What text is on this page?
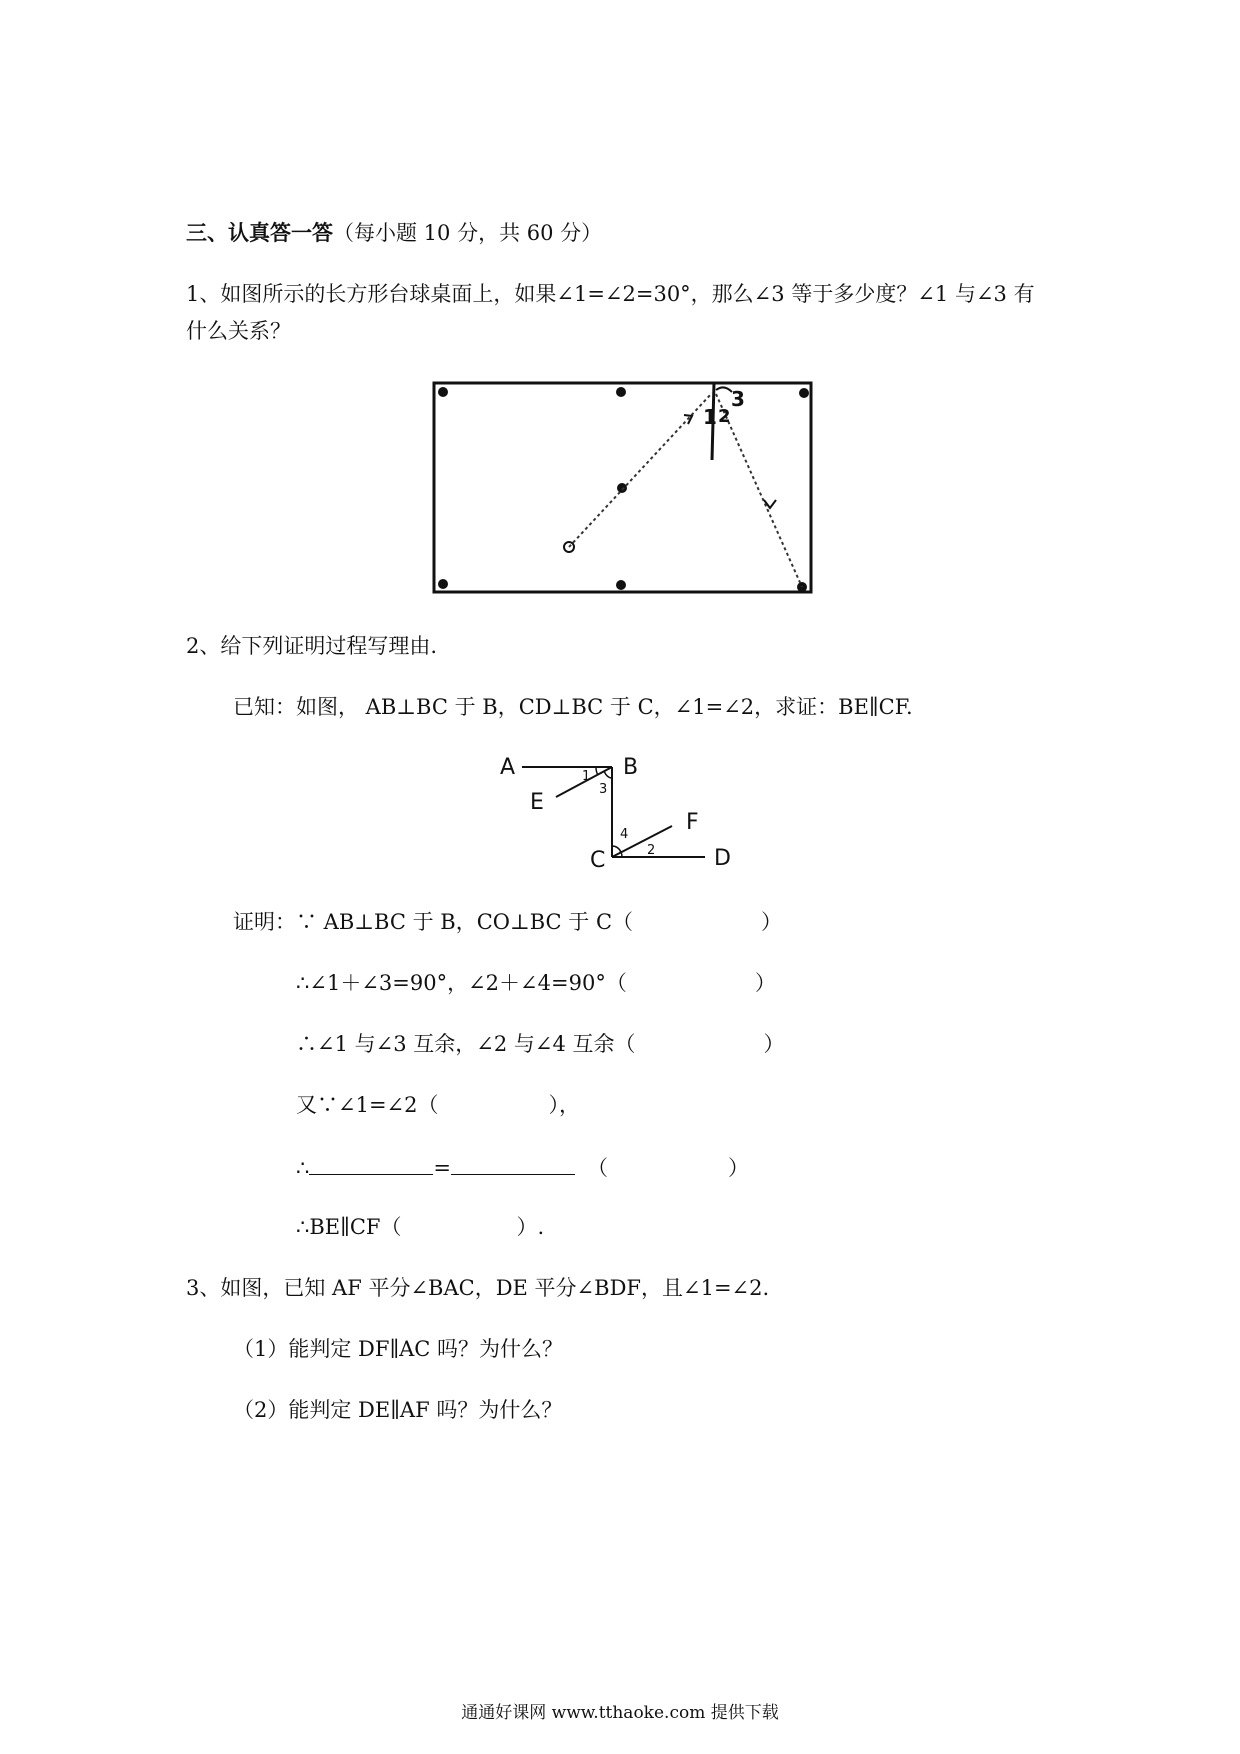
三、认真答一答（每小题 10 分，共 60 分）
1、如图所示的长方形台球桌面上，如果∠1=∠2=30°，那么∠3 等于多少度？∠1 与∠3 有
什么关系？
1 2
3
2、给下列证明过程写理由.
已知：如图， AB⊥BC 于 B，CD⊥BC 于 C，∠1=∠2，求证：BE∥CF.
A	B
E
F
C	D
1
3
4
2
证明：∵ AB⊥BC 于 B，CO⊥BC 于 C（	）
∴∠1＋∠3=90°，∠2＋∠4=90°（	）
∴∠1 与∠3 互余，∠2 与∠4 互余（	）
又∵∠1=∠2（	），
∴	=	（	）
∴BE∥CF（	）.
3、如图，已知 AF 平分∠BAC，DE 平分∠BDF，且∠1=∠2.
（1）能判定 DF∥AC 吗？为什么？
（2）能判定 DE∥AF 吗？为什么？
通通好课网 www.tthaoke.com 提供下载
